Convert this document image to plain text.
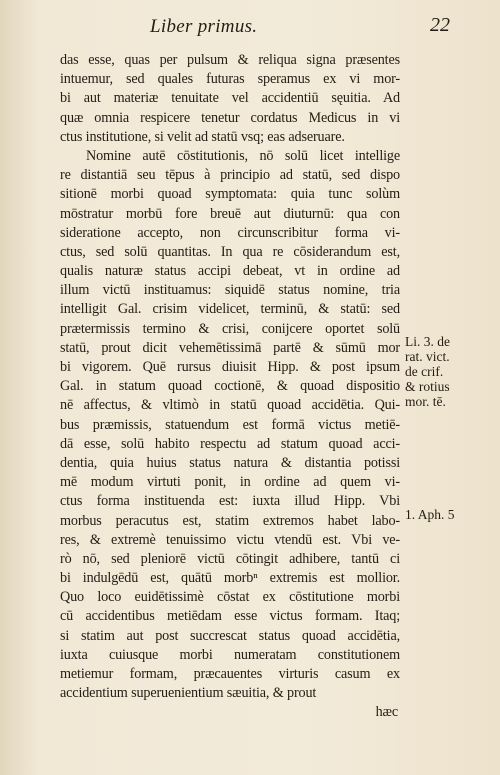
Liber primus.	22
das esse, quas per pulsum & reliqua signa præsentes
intuemur, sed quales futuras speramus ex vi mor-
bi aut materiæ tenuitate vel accidentiū sęuitia. Ad
quæ omnia respicere tenetur cordatus Medicus in vi
ctus institutione, si velit ad statū vsq; eas adseruare.
Nomine autē cōstitutionis, nō solū licet intellige
re distantiā seu tēpus à principio ad statū, sed dispo
sitionē morbi quoad symptomata: quia tunc solùm
mōstratur morbū fore breuē aut diuturnū: qua con
sideratione accepto, non circunscribitur forma vi-
ctus, sed solū quantitas. In qua re cōsiderandum est,
qualis naturæ status accipi debeat, vt in ordine ad
illum victū instituamus: siquidē status nomine, tria
intelligit Gal. crisim videlicet, terminū, & statū: sed
prætermissis termino & crisi, conijcere oportet solū
statū, prout dicit vehemētissimā partē & sūmū mor
bi vigorem. Quē rursus diuisit Hipp. & post ipsum
Gal. in statum quoad coctionē, & quoad dispositio
nē affectus, & vltimò in statū quoad accidētia. Qui-
bus præmissis, statuendum est formā victus metiē-
dā esse, solū habito respectu ad statum quoad acci-
dentia, quia huius status natura & distantia potissi
mē modum virtuti ponit, in ordine ad quem vi-
ctus forma instituenda est: iuxta illud Hipp. Vbi
morbus peracutus est, statim extremos habet labo-
res, & extremè tenuissimo victu vtendū est. Vbi ve-
rò nō, sed pleniorē victū cōtingit adhibere, tantū ci
bi indulgēdū est, quātū morbⁿ extremis est mollior.
Quo loco euidētissimè cōstat ex cōstitutione morbi
cū accidentibus metiēdam esse victus formam. Itaq;
si statim aut post succrescat status quoad accidētia,
iuxta cuiusque morbi numeratam constitutionem
metiemur formam, præcauentes virturis casum ex
accidentium superuenientium sæuitia, & prout
hæc
Li. 3. de
rat. vict.
de crif.
& rotius
mor. tē.
1. Aph. 5
